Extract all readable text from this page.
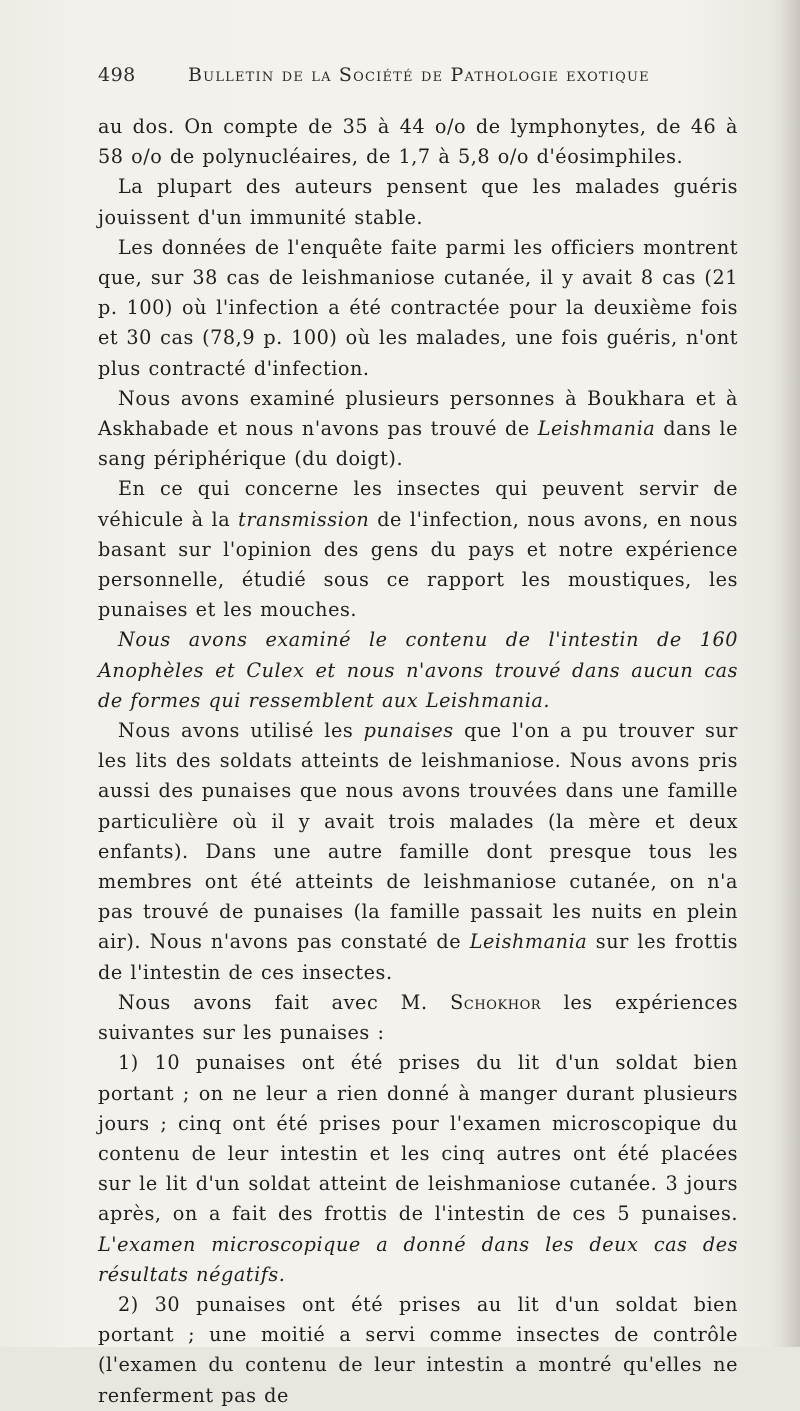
498	Bulletin de la Société de Pathologie exotique

au dos. On compte de 35 à 44 o/o de lymphonytes, de 46 à 58 o/o de polynucléaires, de 1,7 à 5,8 o/o d'éosimphiles.

La plupart des auteurs pensent que les malades guéris jouissent d'un immunité stable.

Les données de l'enquête faite parmi les officiers montrent que, sur 38 cas de leishmaniose cutanée, il y avait 8 cas (21 p. 100) où l'infection a été contractée pour la deuxième fois et 30 cas (78,9 p. 100) où les malades, une fois guéris, n'ont plus contracté d'infection.

Nous avons examiné plusieurs personnes à Boukhara et à Askhabade et nous n'avons pas trouvé de Leishmania dans le sang périphérique (du doigt).

En ce qui concerne les insectes qui peuvent servir de véhicule à la transmission de l'infection, nous avons, en nous basant sur l'opinion des gens du pays et notre expérience personnelle, étudié sous ce rapport les moustiques, les punaises et les mouches.

Nous avons examiné le contenu de l'intestin de 160 Anophèles et Culex et nous n'avons trouvé dans aucun cas de formes qui ressemblent aux Leishmania.

Nous avons utilisé les punaises que l'on a pu trouver sur les lits des soldats atteints de leishmaniose. Nous avons pris aussi des punaises que nous avons trouvées dans une famille particulière où il y avait trois malades (la mère et deux enfants). Dans une autre famille dont presque tous les membres ont été atteints de leishmaniose cutanée, on n'a pas trouvé de punaises (la famille passait les nuits en plein air). Nous n'avons pas constaté de Leishmania sur les frottis de l'intestin de ces insectes.

Nous avons fait avec M. Schokhor les expériences suivantes sur les punaises :

1) 10 punaises ont été prises du lit d'un soldat bien portant ; on ne leur a rien donné à manger durant plusieurs jours ; cinq ont été prises pour l'examen microscopique du contenu de leur intestin et les cinq autres ont été placées sur le lit d'un soldat atteint de leishmaniose cutanée. 3 jours après, on a fait des frottis de l'intestin de ces 5 punaises. L'examen microscopique a donné dans les deux cas des résultats négatifs.

2) 30 punaises ont été prises au lit d'un soldat bien portant ; une moitié a servi comme insectes de contrôle (l'examen du contenu de leur intestin a montré qu'elles ne renferment pas de
